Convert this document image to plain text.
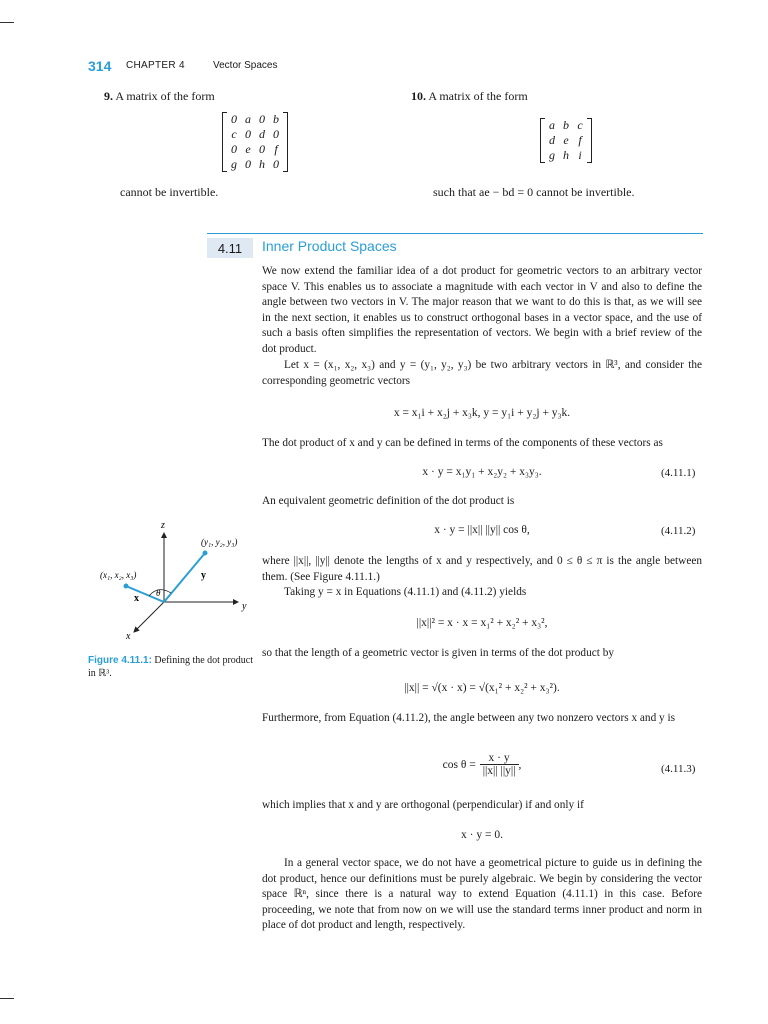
314 CHAPTER 4	Vector Spaces
9. A matrix of the form
0 a 0 b
c 0 d 0
0 e 0 f
g 0 h 0
cannot be invertible.
10. A matrix of the form
a b c
d e f
g h i
such that ae − bd = 0 cannot be invertible.
4.11	Inner Product Spaces
We now extend the familiar idea of a dot product for geometric vectors to an arbitrary vector space V. This enables us to associate a magnitude with each vector in V and also to define the angle between two vectors in V. The major reason that we want to do this is that, as we will see in the next section, it enables us to construct orthogonal bases in a vector space, and the use of such a basis often simplifies the representation of vectors. We begin with a brief review of the dot product.
Let x = (x₁, x₂, x₃) and y = (y₁, y₂, y₃) be two arbitrary vectors in ℝ³, and consider the corresponding geometric vectors
x = x₁i + x₂j + x₃k, y = y₁i + y₂j + y₃k.
The dot product of x and y can be defined in terms of the components of these vectors as
x · y = x₁y₁ + x₂y₂ + x₃y₃.	(4.11.1)
An equivalent geometric definition of the dot product is
x · y = ||x|| ||y|| cos θ,	(4.11.2)
where ||x||, ||y|| denote the lengths of x and y respectively, and 0 ≤ θ ≤ π is the angle between them. (See Figure 4.11.1.)
Taking y = x in Equations (4.11.1) and (4.11.2) yields
||x||² = x · x = x₁² + x₂² + x₃²,
so that the length of a geometric vector is given in terms of the dot product by
||x|| = √(x · x) = √(x₁² + x₂² + x₃²).
Furthermore, from Equation (4.11.2), the angle between any two nonzero vectors x and y is
$\cos \theta = \frac{x \cdot y}{||x|| ||y||}$ ,	(4.11.3)
which implies that x and y are orthogonal (perpendicular) if and only if
x · y = 0.
In a general vector space, we do not have a geometrical picture to guide us in defining the dot product, hence our definitions must be purely algebraic. We begin by considering the vector space ℝⁿ, since there is a natural way to extend Equation (4.11.1) in this case. Before proceeding, we note that from now on we will use the standard terms inner product and norm in place of dot product and length, respectively.
z
y
x
(y₁, y₂, y₃)
(x₁, x₂, x₃)	y
x θ
Figure 4.11.1: Defining the dot product in ℝ³.
